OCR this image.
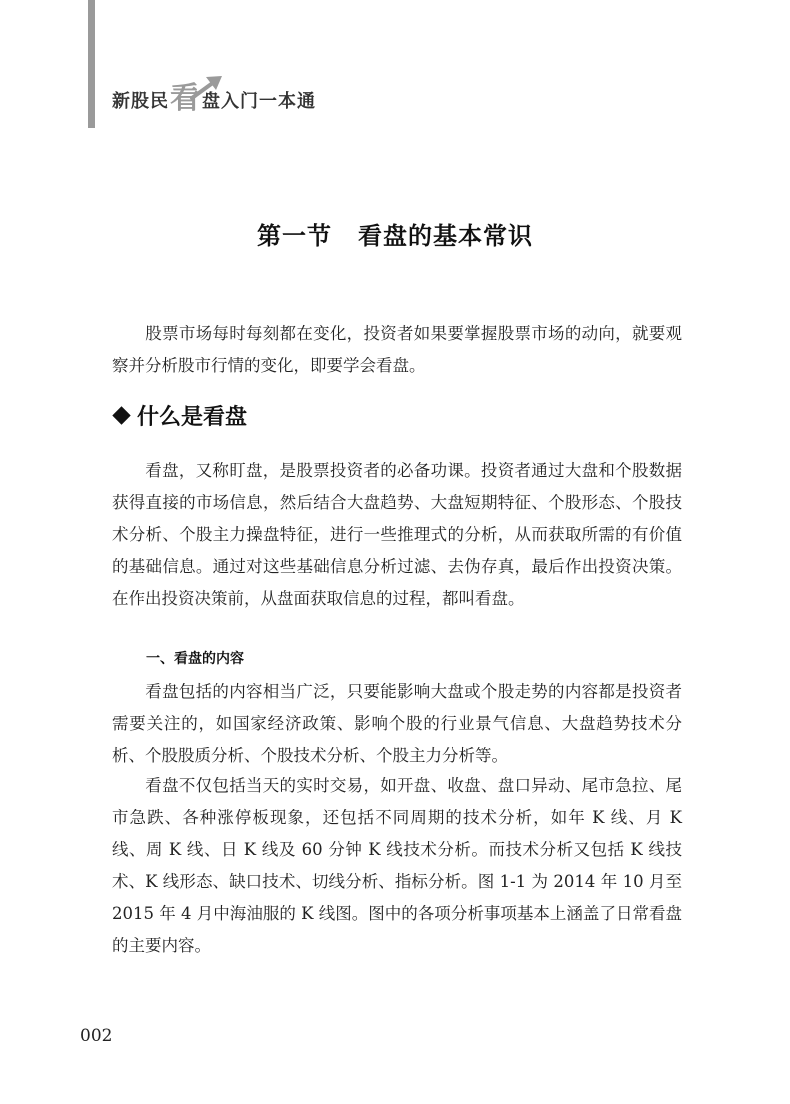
新股民 看 盘入门一本通
第一节 看盘的基本常识

股票市场每时每刻都在变化，投资者如果要掌握股票市场的动向，就要观察并分析股市行情的变化，即要学会看盘。

什么是看盘

看盘，又称盯盘，是股票投资者的必备功课。投资者通过大盘和个股数据获得直接的市场信息，然后结合大盘趋势、大盘短期特征、个股形态、个股技术分析、个股主力操盘特征，进行一些推理式的分析，从而获取所需的有价值的基础信息。通过对这些基础信息分析过滤、去伪存真，最后作出投资决策。在作出投资决策前，从盘面获取信息的过程，都叫看盘。

一、看盘的内容

看盘包括的内容相当广泛，只要能影响大盘或个股走势的内容都是投资者需要关注的，如国家经济政策、影响个股的行业景气信息、大盘趋势技术分析、个股股质分析、个股技术分析、个股主力分析等。

看盘不仅包括当天的实时交易，如开盘、收盘、盘口异动、尾市急拉、尾市急跌、各种涨停板现象，还包括不同周期的技术分析，如年 K 线、月 K 线、周 K 线、日 K 线及 60 分钟 K 线技术分析。而技术分析又包括 K 线技术、K 线形态、缺口技术、切线分析、指标分析。图 1-1 为 2014 年 10 月至 2015 年 4 月中海油服的 K 线图。图中的各项分析事项基本上涵盖了日常看盘的主要内容。

002
